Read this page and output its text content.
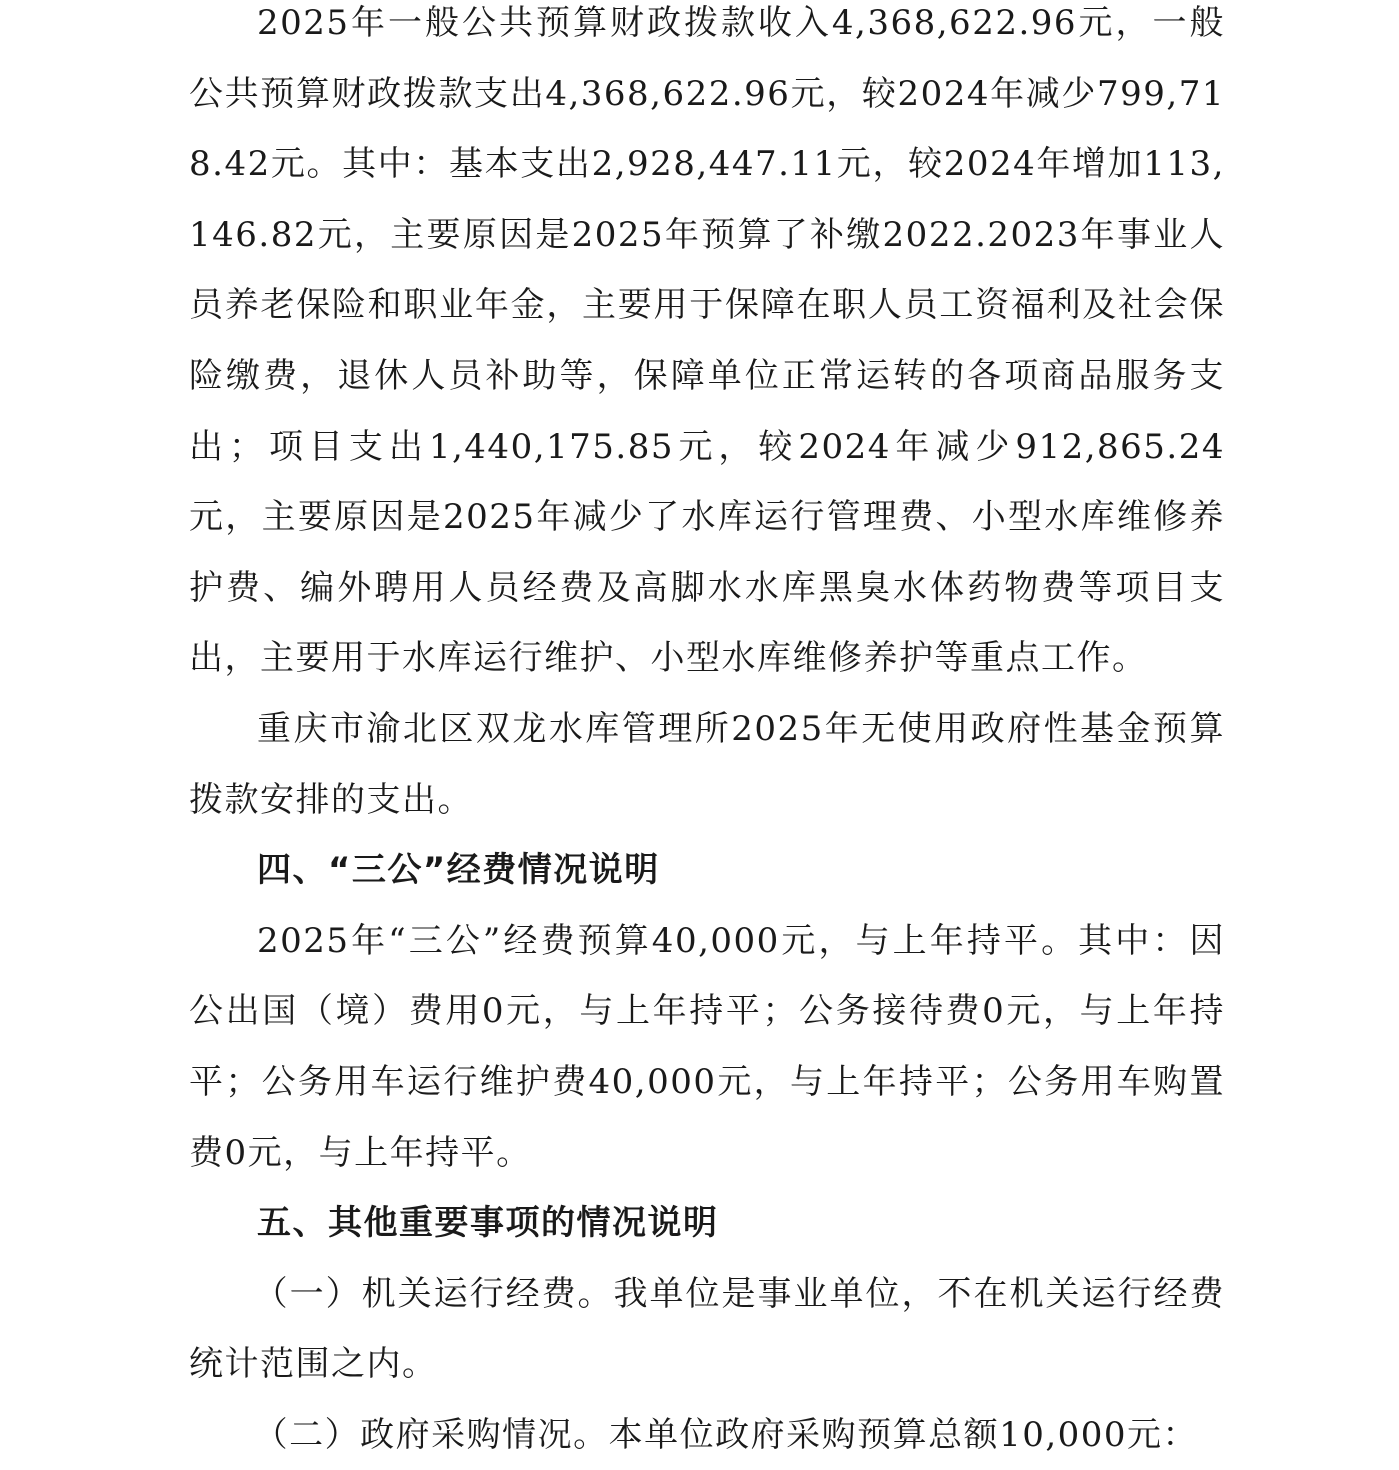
2025年一般公共预算财政拨款收入4,368,622.96元，一般公共预算财政拨款支出4,368,622.96元，较2024年减少799,718.42元。其中：基本支出2,928,447.11元，较2024年增加113,146.82元，主要原因是2025年预算了补缴2022.2023年事业人员养老保险和职业年金，主要用于保障在职人员工资福利及社会保险缴费，退休人员补助等，保障单位正常运转的各项商品服务支出；项目支出1,440,175.85元，较2024年减少912,865.24元，主要原因是2025年减少了水库运行管理费、小型水库维修养护费、编外聘用人员经费及高脚水水库黑臭水体药物费等项目支出，主要用于水库运行维护、小型水库维修养护等重点工作。

重庆市渝北区双龙水库管理所2025年无使用政府性基金预算拨款安排的支出。

四、“三公”经费情况说明

2025年“三公”经费预算40,000元，与上年持平。其中：因公出国（境）费用0元，与上年持平；公务接待费0元，与上年持平；公务用车运行维护费40,000元，与上年持平；公务用车购置费0元，与上年持平。

五、其他重要事项的情况说明

（一）机关运行经费。我单位是事业单位，不在机关运行经费统计范围之内。

（二）政府采购情况。本单位政府采购预算总额10,000元：
